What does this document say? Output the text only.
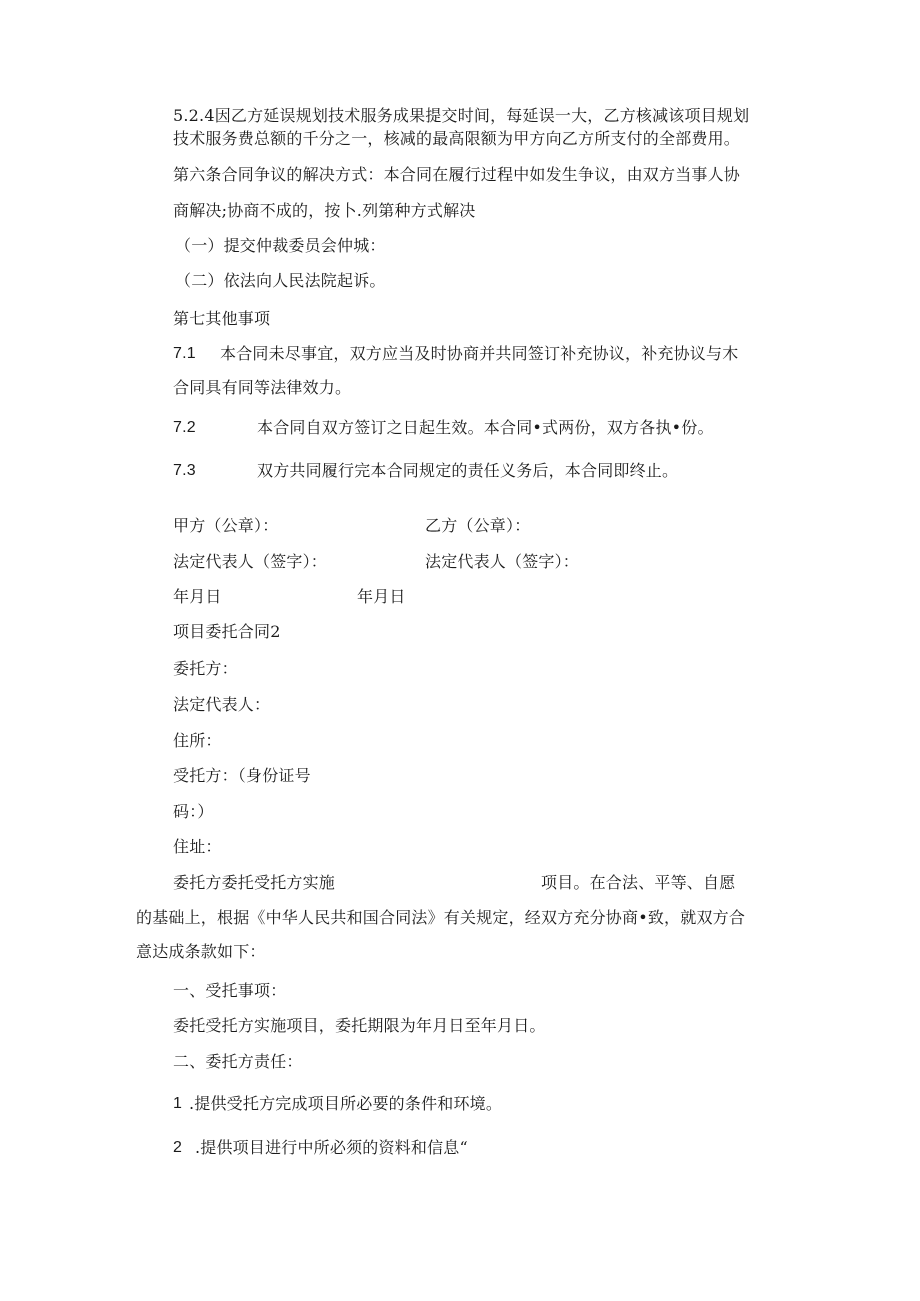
5.2.4因乙方延误规划技术服务成果提交时间，每延误一大，乙方核减该项目规划
技术服务费总额的千分之一，核减的最高限额为甲方向乙方所支付的全部费用。
第六条合同争议的解决方式：本合同在履行过程中如发生争议，由双方当事人协
商解决;协商不成的，按卜.列第种方式解决
（一）提交仲裁委员会仲城：
（二）依法向人民法院起诉。
第七其他事项
7.1 本合同未尽事宜，双方应当及时协商并共同签订补充协议，补充协议与木
合同具有同等法律效力。
7.2	本合同自双方签订之日起生效。本合同•式两份，双方各执•份。
7.3	双方共同履行完本合同规定的责任义务后，本合同即终止。
甲方（公章）：	乙方（公章）：
法定代表人（签字）：	法定代表人（签字）：
年月日	年月日
项目委托合同2
委托方：
法定代表人：
住所：
受托方：（身份证号
码：）
住址：
委托方委托受托方实施	项目。在合法、平等、自愿
的基础上，根据《中华人民共和国合同法》有关规定，经双方充分协商•致，就双方合
意达成条款如下：
一、受托事项：
委托受托方实施项目，委托期限为年月日至年月日。
二、委托方责任：
1 .提供受托方完成项目所必要的条件和环境。
2 .提供项目进行中所必须的资料和信息“
